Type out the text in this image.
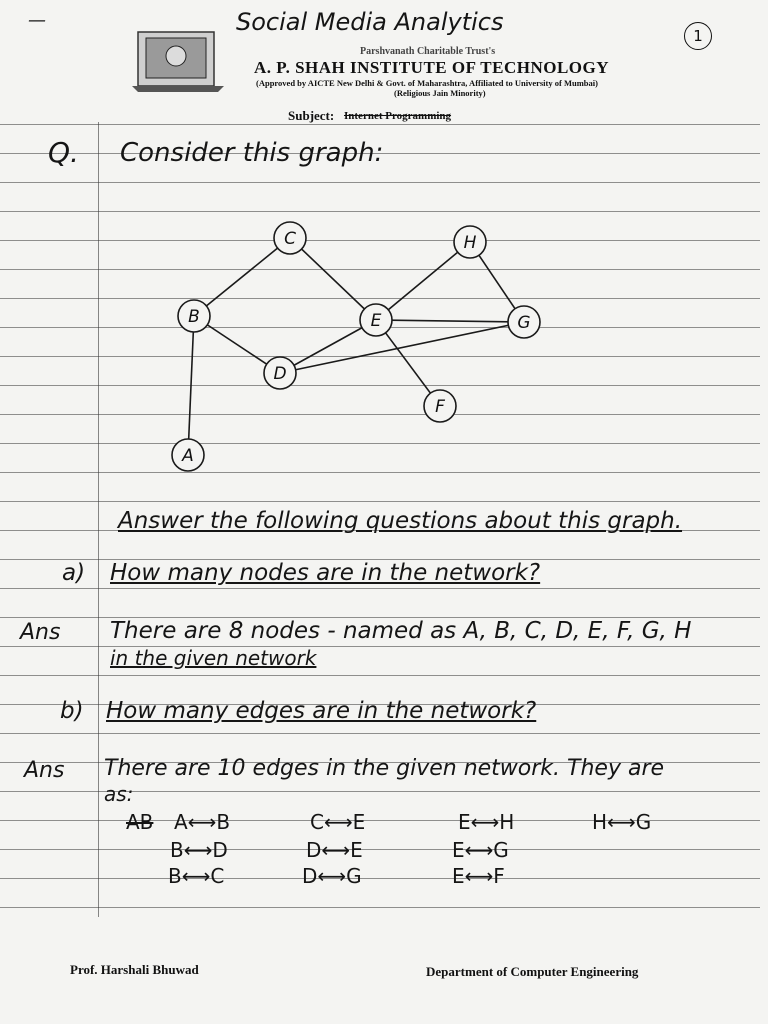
—	Social Media Analytics	1
Parshvanath Charitable Trust's
A. P. SHAH INSTITUTE OF TECHNOLOGY
(Approved by AICTE New Delhi & Govt. of Maharashtra, Affiliated to University of Mumbai)
(Religious Jain Minority)
Subject: Internet Programming
Q. Consider this graph:
A
B
C
D
E
F
G
H
Answer the following questions about this graph.
a) How many nodes are in the network?
Ans There are 8 nodes - named as A, B, C, D, E, F, G, H
in the given network
b) How many edges are in the network?
Ans There are 10 edges in the given network. They are
as:
AB A⟷B	C⟷E	E⟷H	H⟷G
B⟷D	D⟷E	E⟷G
B⟷C	D⟷G	E⟷F
Prof. Harshali Bhuwad	Department of Computer Engineering
